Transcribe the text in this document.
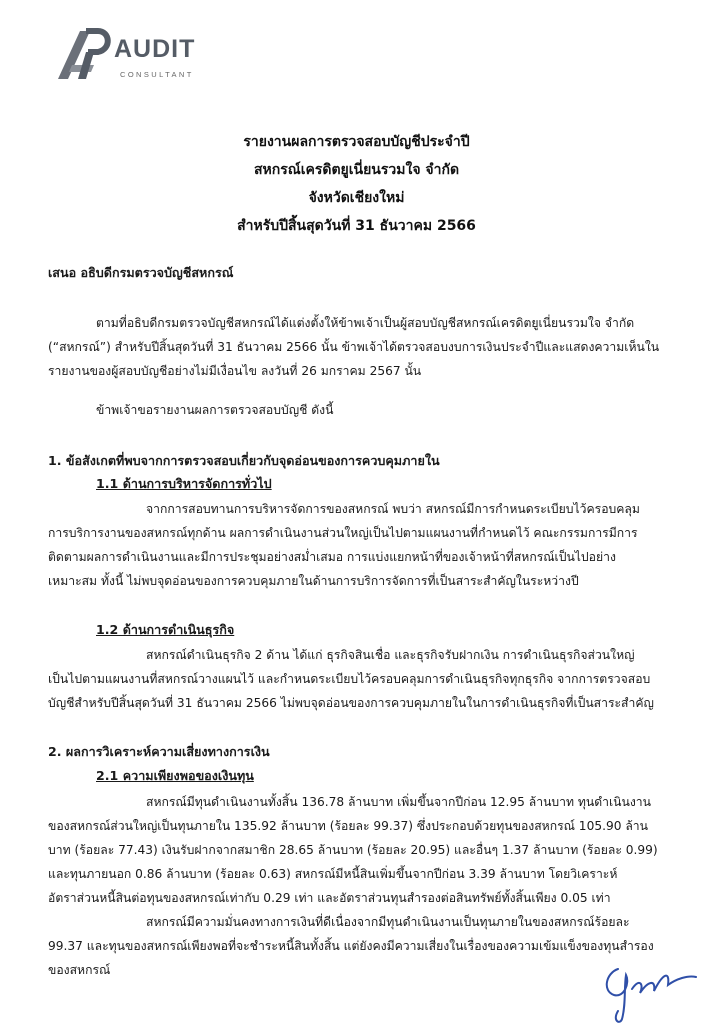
AUDIT
CONSULTANT
รายงานผลการตรวจสอบบัญชีประจำปี
สหกรณ์เครดิตยูเนี่ยนรวมใจ จำกัด
จังหวัดเชียงใหม่
สำหรับปีสิ้นสุดวันที่ 31 ธันวาคม 2566
เสนอ อธิบดีกรมตรวจบัญชีสหกรณ์
ตามที่อธิบดีกรมตรวจบัญชีสหกรณ์ได้แต่งตั้งให้ข้าพเจ้าเป็นผู้สอบบัญชีสหกรณ์เครดิตยูเนี่ยนรวมใจ จำกัด
(“สหกรณ์”) สำหรับปีสิ้นสุดวันที่ 31 ธันวาคม 2566 นั้น ข้าพเจ้าได้ตรวจสอบงบการเงินประจำปีและแสดงความเห็นใน
รายงานของผู้สอบบัญชีอย่างไม่มีเงื่อนไข ลงวันที่ 26 มกราคม 2567 นั้น
ข้าพเจ้าขอรายงานผลการตรวจสอบบัญชี ดังนี้
1. ข้อสังเกตที่พบจากการตรวจสอบเกี่ยวกับจุดอ่อนของการควบคุมภายใน
1.1 ด้านการบริหารจัดการทั่วไป
จากการสอบทานการบริหารจัดการของสหกรณ์ พบว่า สหกรณ์มีการกำหนดระเบียบไว้ครอบคลุม
การบริการงานของสหกรณ์ทุกด้าน ผลการดำเนินงานส่วนใหญ่เป็นไปตามแผนงานที่กำหนดไว้ คณะกรรมการมีการ
ติดตามผลการดำเนินงานและมีการประชุมอย่างสม่ำเสมอ การแบ่งแยกหน้าที่ของเจ้าหน้าที่สหกรณ์เป็นไปอย่าง
เหมาะสม ทั้งนี้ ไม่พบจุดอ่อนของการควบคุมภายในด้านการบริการจัดการที่เป็นสาระสำคัญในระหว่างปี
1.2 ด้านการดำเนินธุรกิจ
สหกรณ์ดำเนินธุรกิจ 2 ด้าน ได้แก่ ธุรกิจสินเชื่อ และธุรกิจรับฝากเงิน การดำเนินธุรกิจส่วนใหญ่
เป็นไปตามแผนงานที่สหกรณ์วางแผนไว้ และกำหนดระเบียบไว้ครอบคลุมการดำเนินธุรกิจทุกธุรกิจ จากการตรวจสอบ
บัญชีสำหรับปีสิ้นสุดวันที่ 31 ธันวาคม 2566 ไม่พบจุดอ่อนของการควบคุมภายในในการดำเนินธุรกิจที่เป็นสาระสำคัญ
2. ผลการวิเคราะห์ความเสี่ยงทางการเงิน
2.1 ความเพียงพอของเงินทุน
สหกรณ์มีทุนดำเนินงานทั้งสิ้น 136.78 ล้านบาท เพิ่มขึ้นจากปีก่อน 12.95 ล้านบาท ทุนดำเนินงาน
ของสหกรณ์ส่วนใหญ่เป็นทุนภายใน 135.92 ล้านบาท (ร้อยละ 99.37) ซึ่งประกอบด้วยทุนของสหกรณ์ 105.90 ล้าน
บาท (ร้อยละ 77.43) เงินรับฝากจากสมาชิก 28.65 ล้านบาท (ร้อยละ 20.95) และอื่นๆ 1.37 ล้านบาท (ร้อยละ 0.99)
และทุนภายนอก 0.86 ล้านบาท (ร้อยละ 0.63) สหกรณ์มีหนี้สินเพิ่มขึ้นจากปีก่อน 3.39 ล้านบาท โดยวิเคราะห์
อัตราส่วนหนี้สินต่อทุนของสหกรณ์เท่ากับ 0.29 เท่า และอัตราส่วนทุนสำรองต่อสินทรัพย์ทั้งสิ้นเพียง 0.05 เท่า
สหกรณ์มีความมั่นคงทางการเงินที่ดีเนื่องจากมีทุนดำเนินงานเป็นทุนภายในของสหกรณ์ร้อยละ
99.37 และทุนของสหกรณ์เพียงพอที่จะชำระหนี้สินทั้งสิ้น แต่ยังคงมีความเสี่ยงในเรื่องของความเข้มแข็งของทุนสำรอง
ของสหกรณ์
